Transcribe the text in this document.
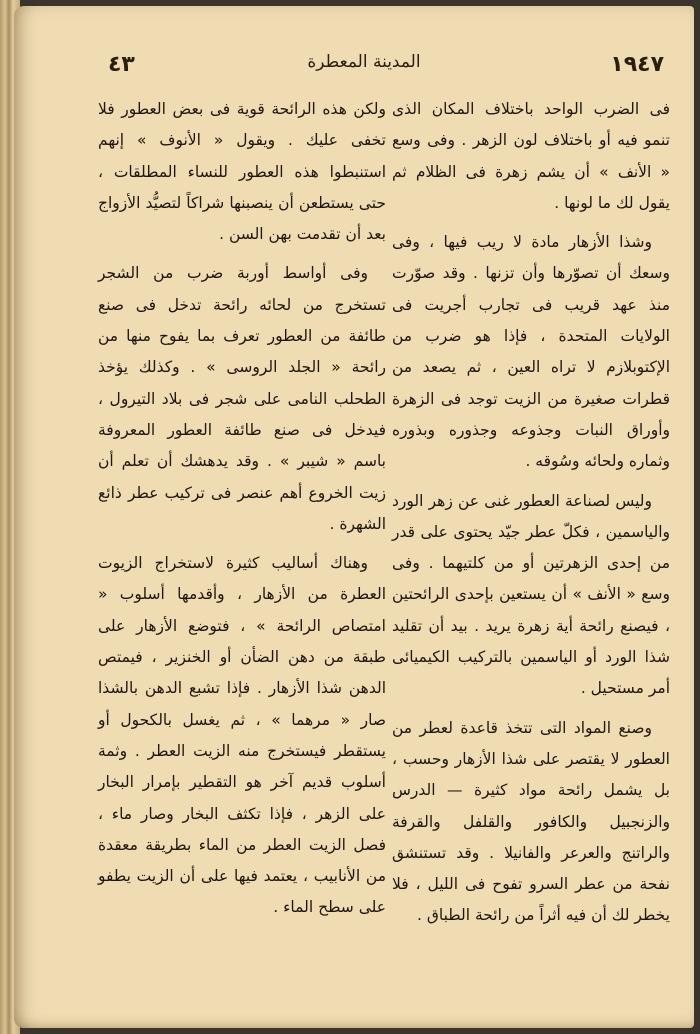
١٩٤٧
المدينة المعطرة
٤٣

فى الضرب الواحد باختلاف المكان الذى تنمو فيه أو باختلاف لون الزهر . وفى وسع « الأنف » أن يشم زهرة فى الظلام ثم يقول لك ما لونها .

وشذا الأزهار مادة لا ريب فيها ، وفى وسعك أن تصوّرها وأن تزنها . وقد صوّرت منذ عهد قريب فى تجارب أجريت فى الولايات المتحدة ، فإذا هو ضرب من الإكتوبلازم لا تراه العين ، ثم يصعد من قطرات صغيرة من الزيت توجد فى الزهرة وأوراق النبات وجذوعه وجذوره وبذوره وثماره ولحائه وسُوقه .

وليس لصناعة العطور غنى عن زهر الورد والياسمين ، فكلّ عطر جيّد يحتوى على قدر من إحدى الزهرتين أو من كلتيهما . وفى وسع « الأنف » أن يستعين بإحدى الرائحتين ، فيصنع رائحة أية زهرة يريد . بيد أن تقليد شذا الورد أو الياسمين بالتركيب الكيميائى أمر مستحيل .

وصنع المواد التى تتخذ قاعدة لعطر من العطور لا يقتصر على شذا الأزهار وحسب ، بل يشمل رائحة مواد كثيرة — الدرس والزنجبيل والكافور والقلفل والقرفة والراتنج والعرعر والفانيلا . وقد تستنشق نفحة من عطر السرو تفوح فى الليل ، فلا يخطر لك أن فيه أثراً من رائحة الطباق .

ولكن هذه الرائحة قوية فى بعض العطور فلا تخفى عليك . ويقول « الأنوف » إنهم استنبطوا هذه العطور للنساء المطلقات ، حتى يستطعن أن ينصبنها شراكاً لتصيُّد الأزواج بعد أن تقدمت بهن السن .

وفى أواسط أوربة ضرب من الشجر تستخرج من لحائه رائحة تدخل فى صنع طائفة من العطور تعرف بما يفوح منها من رائحة « الجلد الروسى » . وكذلك يؤخذ الطحلب النامى على شجر فى بلاد التيرول ، فيدخل فى صنع طائفة العطور المعروفة باسم « شيبر » . وقد يدهشك أن تعلم أن زيت الخروع أهم عنصر فى تركيب عطر ذائع الشهرة .

وهناك أساليب كثيرة لاستخراج الزيوت العطرة من الأزهار ، وأقدمها أسلوب « امتصاص الرائحة » ، فتوضع الأزهار على طبقة من دهن الضأن أو الخنزير ، فيمتص الدهن شذا الأزهار . فإذا تشبع الدهن بالشذا صار « مرهما » ، ثم يغسل بالكحول أو يستقطر فيستخرج منه الزيت العطر . وثمة أسلوب قديم آخر هو التقطير بإمرار البخار على الزهر ، فإذا تكثف البخار وصار ماء ، فصل الزيت العطر من الماء بطريقة معقدة من الأنابيب ، يعتمد فيها على أن الزيت يطفو على سطح الماء .
